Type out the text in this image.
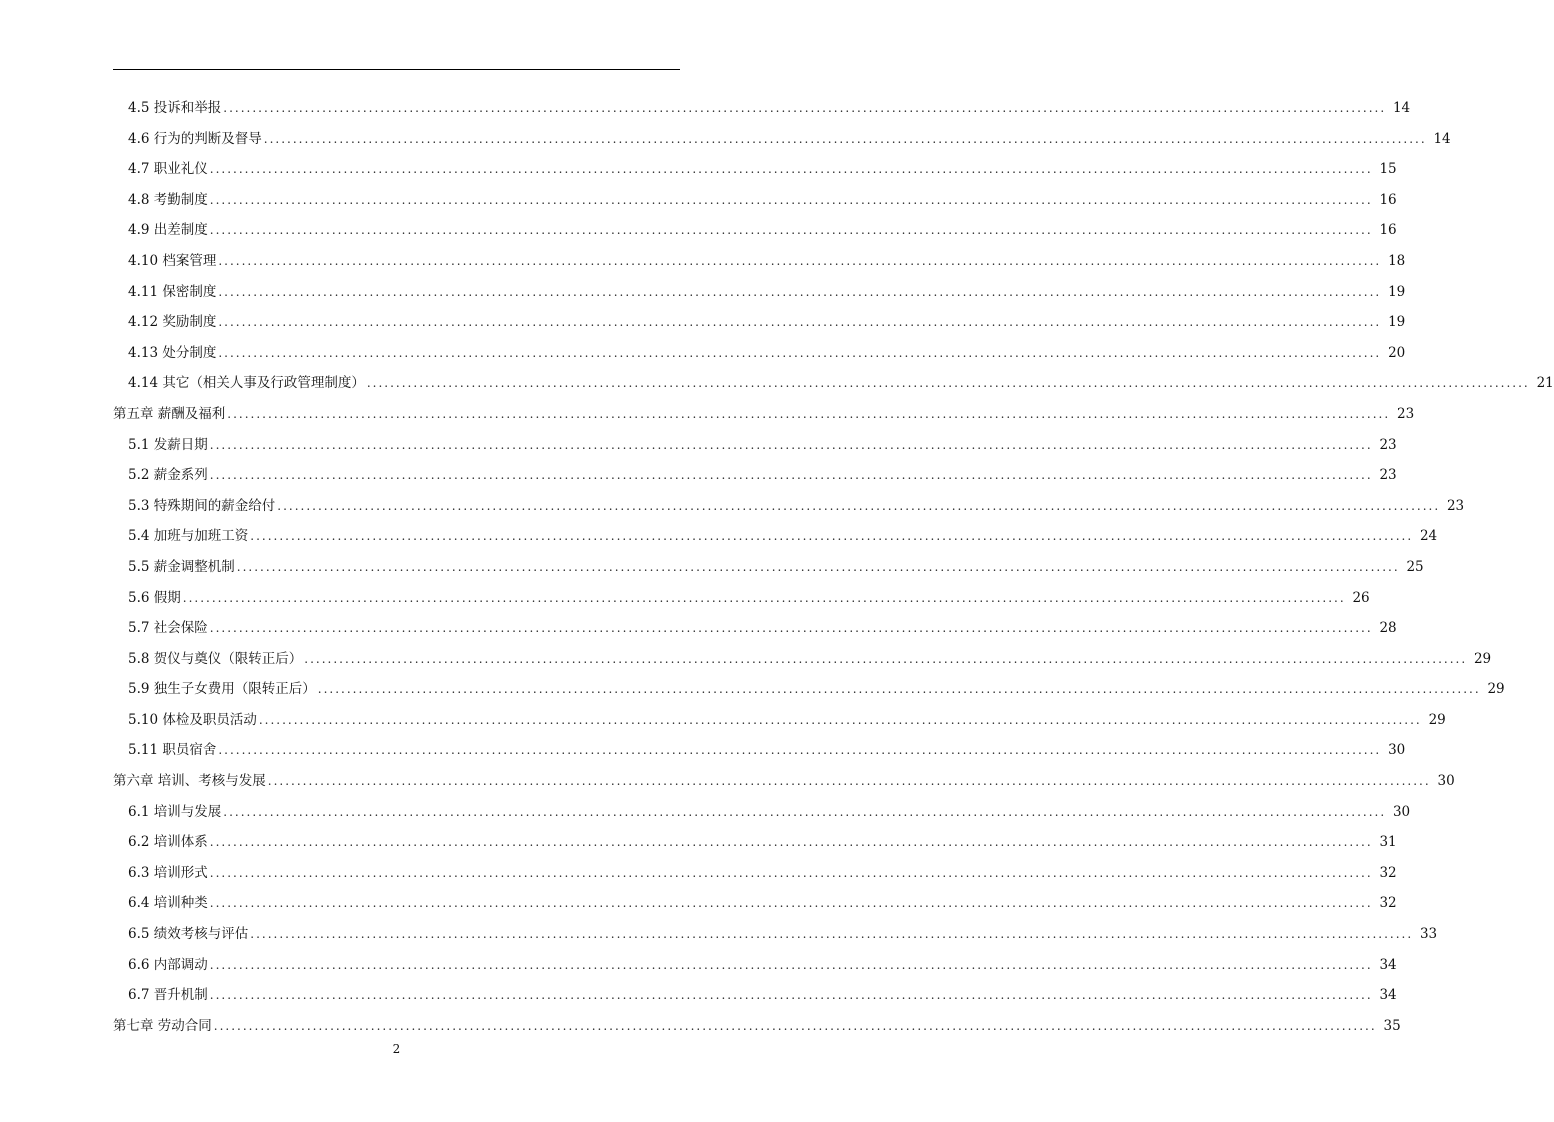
4.5 投诉和举报 ........................................................................................................................................................................................................ 14
4.6 行为的判断及督导 ........................................................................................................................................................................................................ 14
4.7 职业礼仪 ........................................................................................................................................................................................................ 15
4.8 考勤制度 ........................................................................................................................................................................................................ 16
4.9 出差制度 ........................................................................................................................................................................................................ 16
4.10 档案管理 ........................................................................................................................................................................................................ 18
4.11 保密制度 ........................................................................................................................................................................................................ 19
4.12 奖励制度 ........................................................................................................................................................................................................ 19
4.13 处分制度 ........................................................................................................................................................................................................ 20
4.14 其它（相关人事及行政管理制度） ........................................................................................................................................................................................................ 21
第五章 薪酬及福利 ........................................................................................................................................................................................................ 23
5.1 发薪日期 ........................................................................................................................................................................................................ 23
5.2 薪金系列 ........................................................................................................................................................................................................ 23
5.3 特殊期间的薪金给付 ........................................................................................................................................................................................................ 23
5.4 加班与加班工资 ........................................................................................................................................................................................................ 24
5.5 薪金调整机制 ........................................................................................................................................................................................................ 25
5.6 假期 ........................................................................................................................................................................................................ 26
5.7 社会保险 ........................................................................................................................................................................................................ 28
5.8 贺仪与奠仪（限转正后） ........................................................................................................................................................................................................ 29
5.9 独生子女费用（限转正后） ........................................................................................................................................................................................................ 29
5.10 体检及职员活动 ........................................................................................................................................................................................................ 29
5.11 职员宿舍 ........................................................................................................................................................................................................ 30
第六章 培训、考核与发展 ........................................................................................................................................................................................................ 30
6.1 培训与发展 ........................................................................................................................................................................................................ 30
6.2 培训体系 ........................................................................................................................................................................................................ 31
6.3 培训形式 ........................................................................................................................................................................................................ 32
6.4 培训种类 ........................................................................................................................................................................................................ 32
6.5 绩效考核与评估 ........................................................................................................................................................................................................ 33
6.6 内部调动 ........................................................................................................................................................................................................ 34
6.7 晋升机制 ........................................................................................................................................................................................................ 34
第七章 劳动合同 ........................................................................................................................................................................................................ 35
2
